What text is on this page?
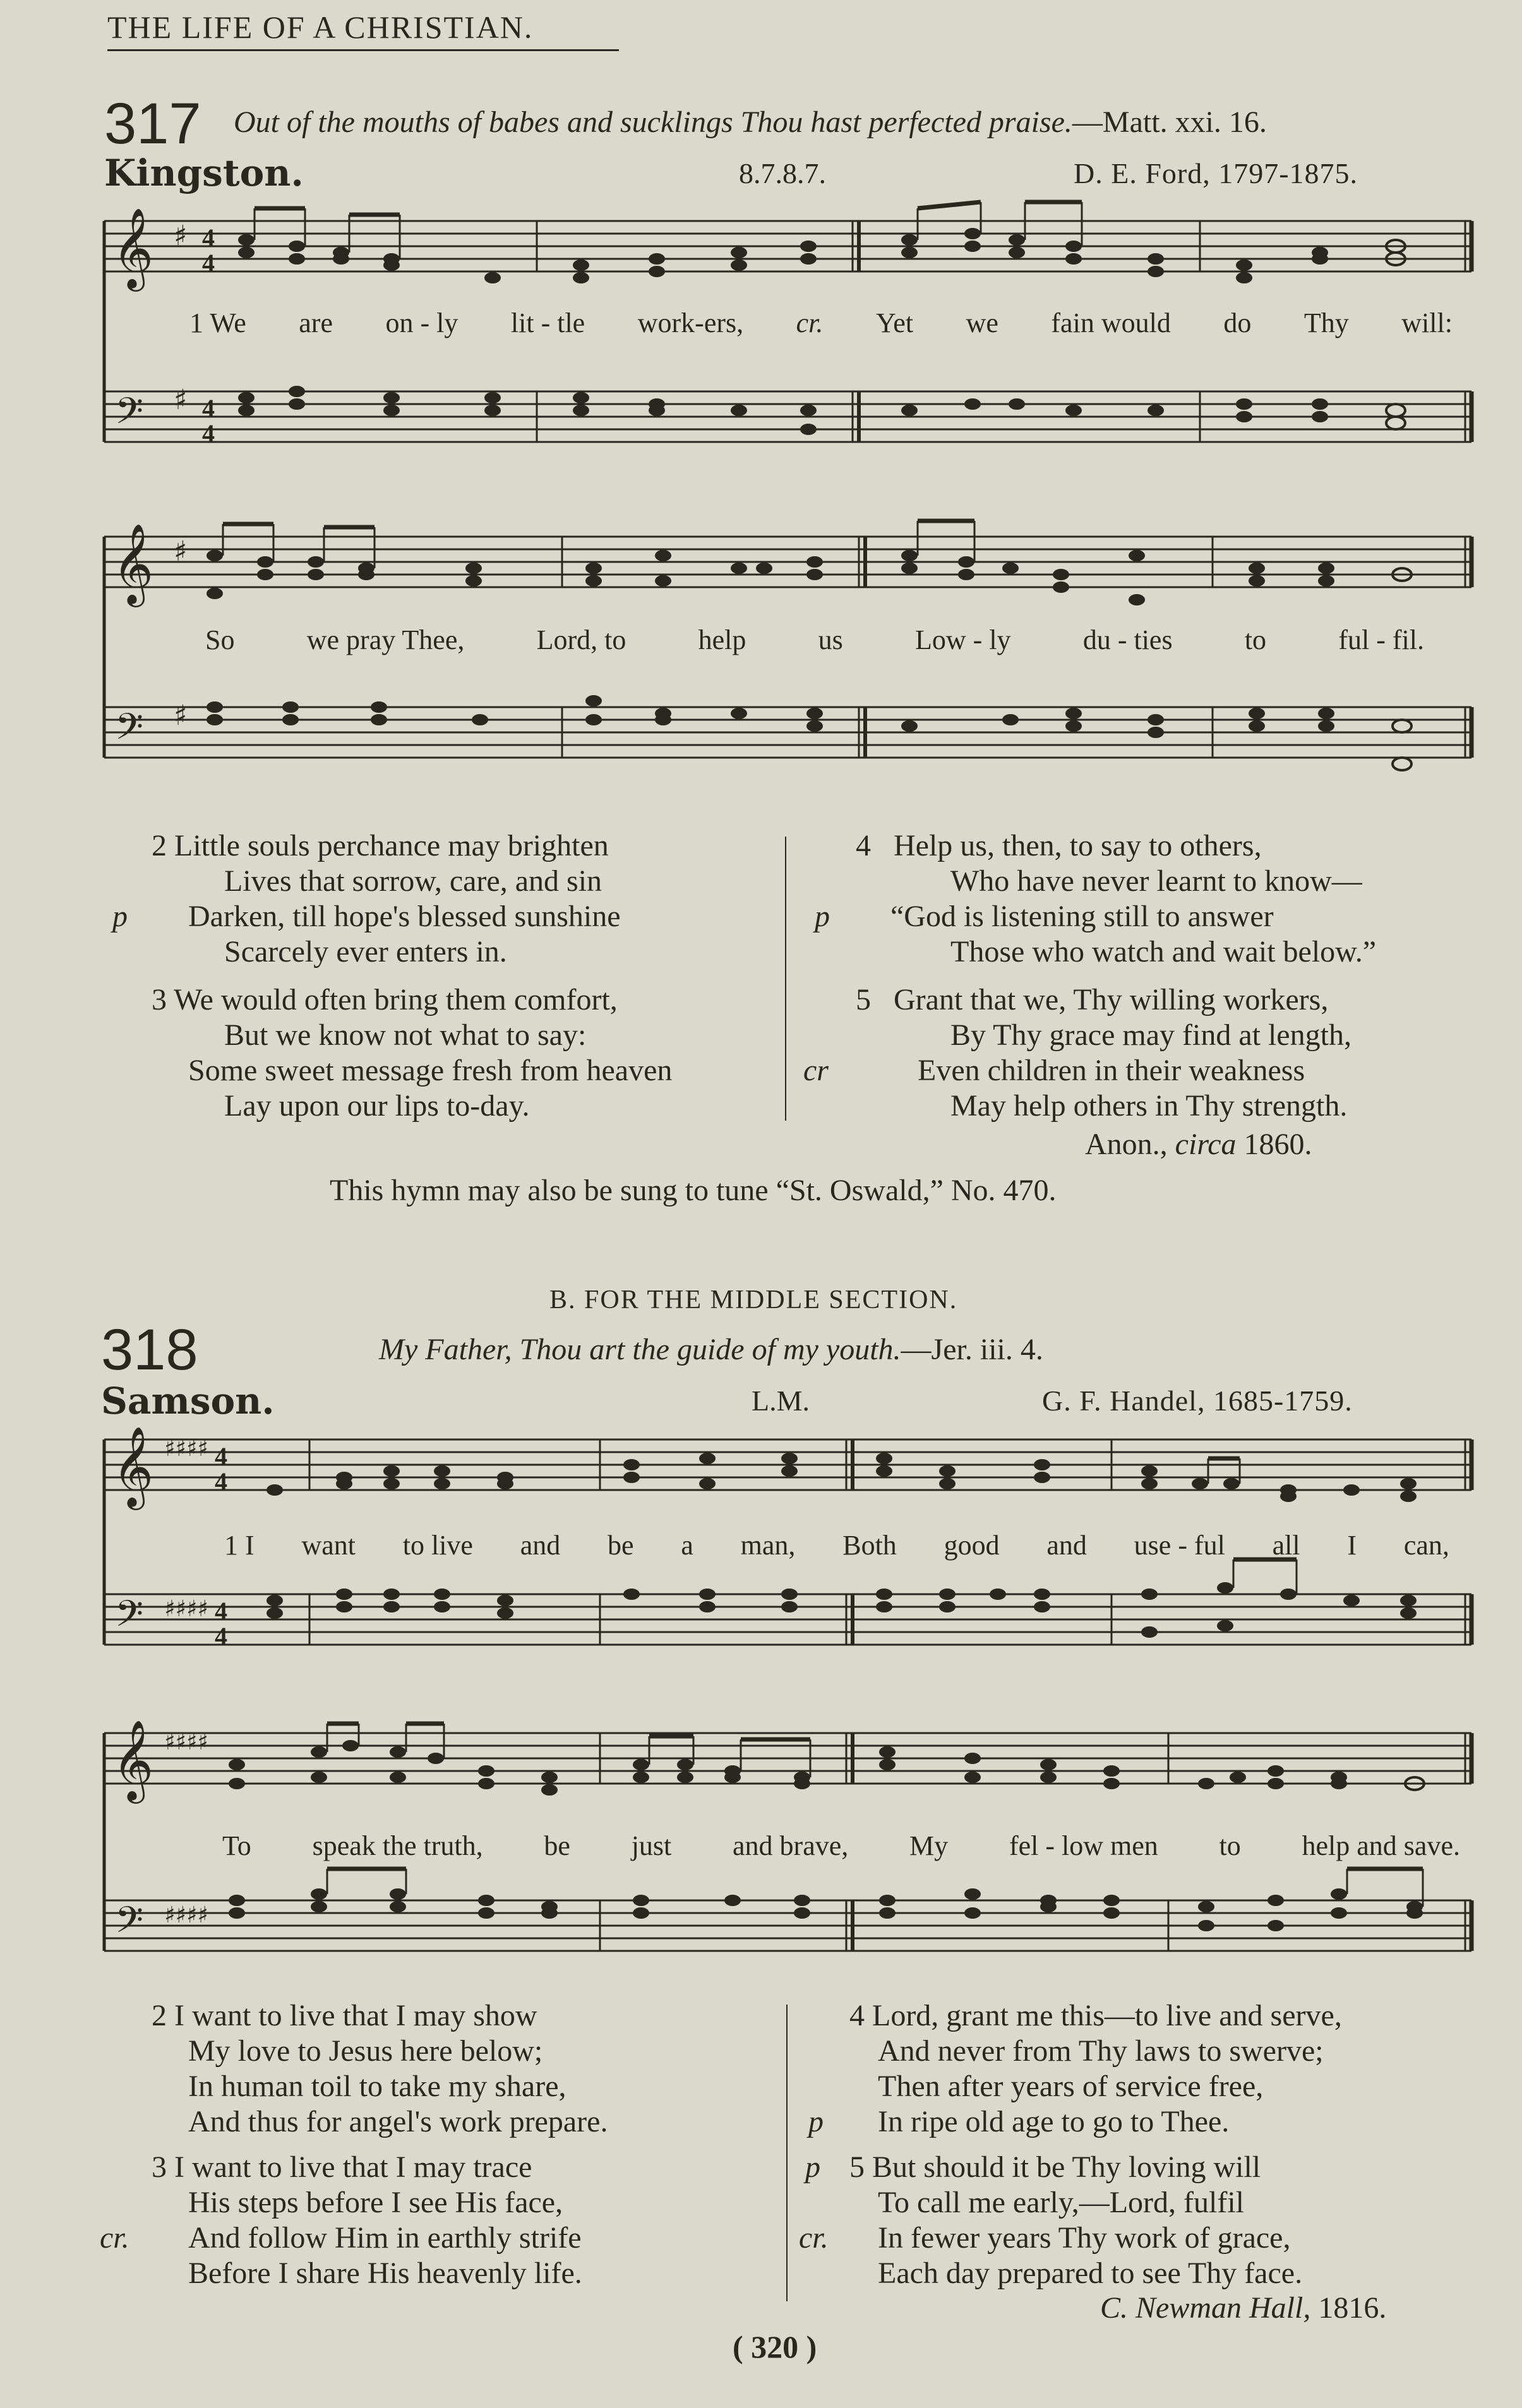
THE LIFE OF A CHRISTIAN.
317 Out of the mouths of babes and sucklings Thou hast perfected praise.—Matt. xxi. 16.
Kingston.	8.7.8.7.	D. E. Ford, 1797-1875.
𝄞
𝄢
♯
♯
4
4
4
4
1 We are on - ly lit - tle work-ers, cr. Yet we fain would do Thy will:
𝄞
𝄢
♯
♯
So	we pray Thee,	Lord, to	help	us	Low - ly	du - ties	to	ful - fil.
2 Little souls perchance may brighten
Lives that sorrow, care, and sin
Darken, till hope's blessed sunshine
Scarcely ever enters in.
p
3 We would often bring them comfort,
But we know not what to say:
Some sweet message fresh from heaven
Lay upon our lips to-day.
4 Help us, then, to say to others,
Who have never learnt to know—
“God is listening still to answer
Those who watch and wait below.”
p
5 Grant that we, Thy willing workers,
By Thy grace may find at length,
Even children in their weakness
May help others in Thy strength.
cr
Anon., circa 1860.
This hymn may also be sung to tune “St. Oswald,” No. 470.
B. FOR THE MIDDLE SECTION.
318	My Father, Thou art the guide of my youth.—Jer. iii. 4.
Samson.	L.M.	G. F. Handel, 1685-1759.
𝄞
𝄢
♯♯♯♯
♯♯♯♯
4
4
4
4
1 I want to live and be a man, Both good and use - ful all I can,
𝄞
𝄢
♯♯♯♯
♯♯♯♯
To speak the truth, be just and brave, My fel - low men to help and save.
2 I want to live that I may show
My love to Jesus here below;
In human toil to take my share,
And thus for angel's work prepare.
3 I want to live that I may trace
His steps before I see His face,
And follow Him in earthly strife
Before I share His heavenly life.
cr.
4 Lord, grant me this—to live and serve,
And never from Thy laws to swerve;
Then after years of service free,
In ripe old age to go to Thee.
p
5 But should it be Thy loving will
To call me early,—Lord, fulfil
In fewer years Thy work of grace,
Each day prepared to see Thy face.
p
cr.
C. Newman Hall, 1816.
( 320 )
